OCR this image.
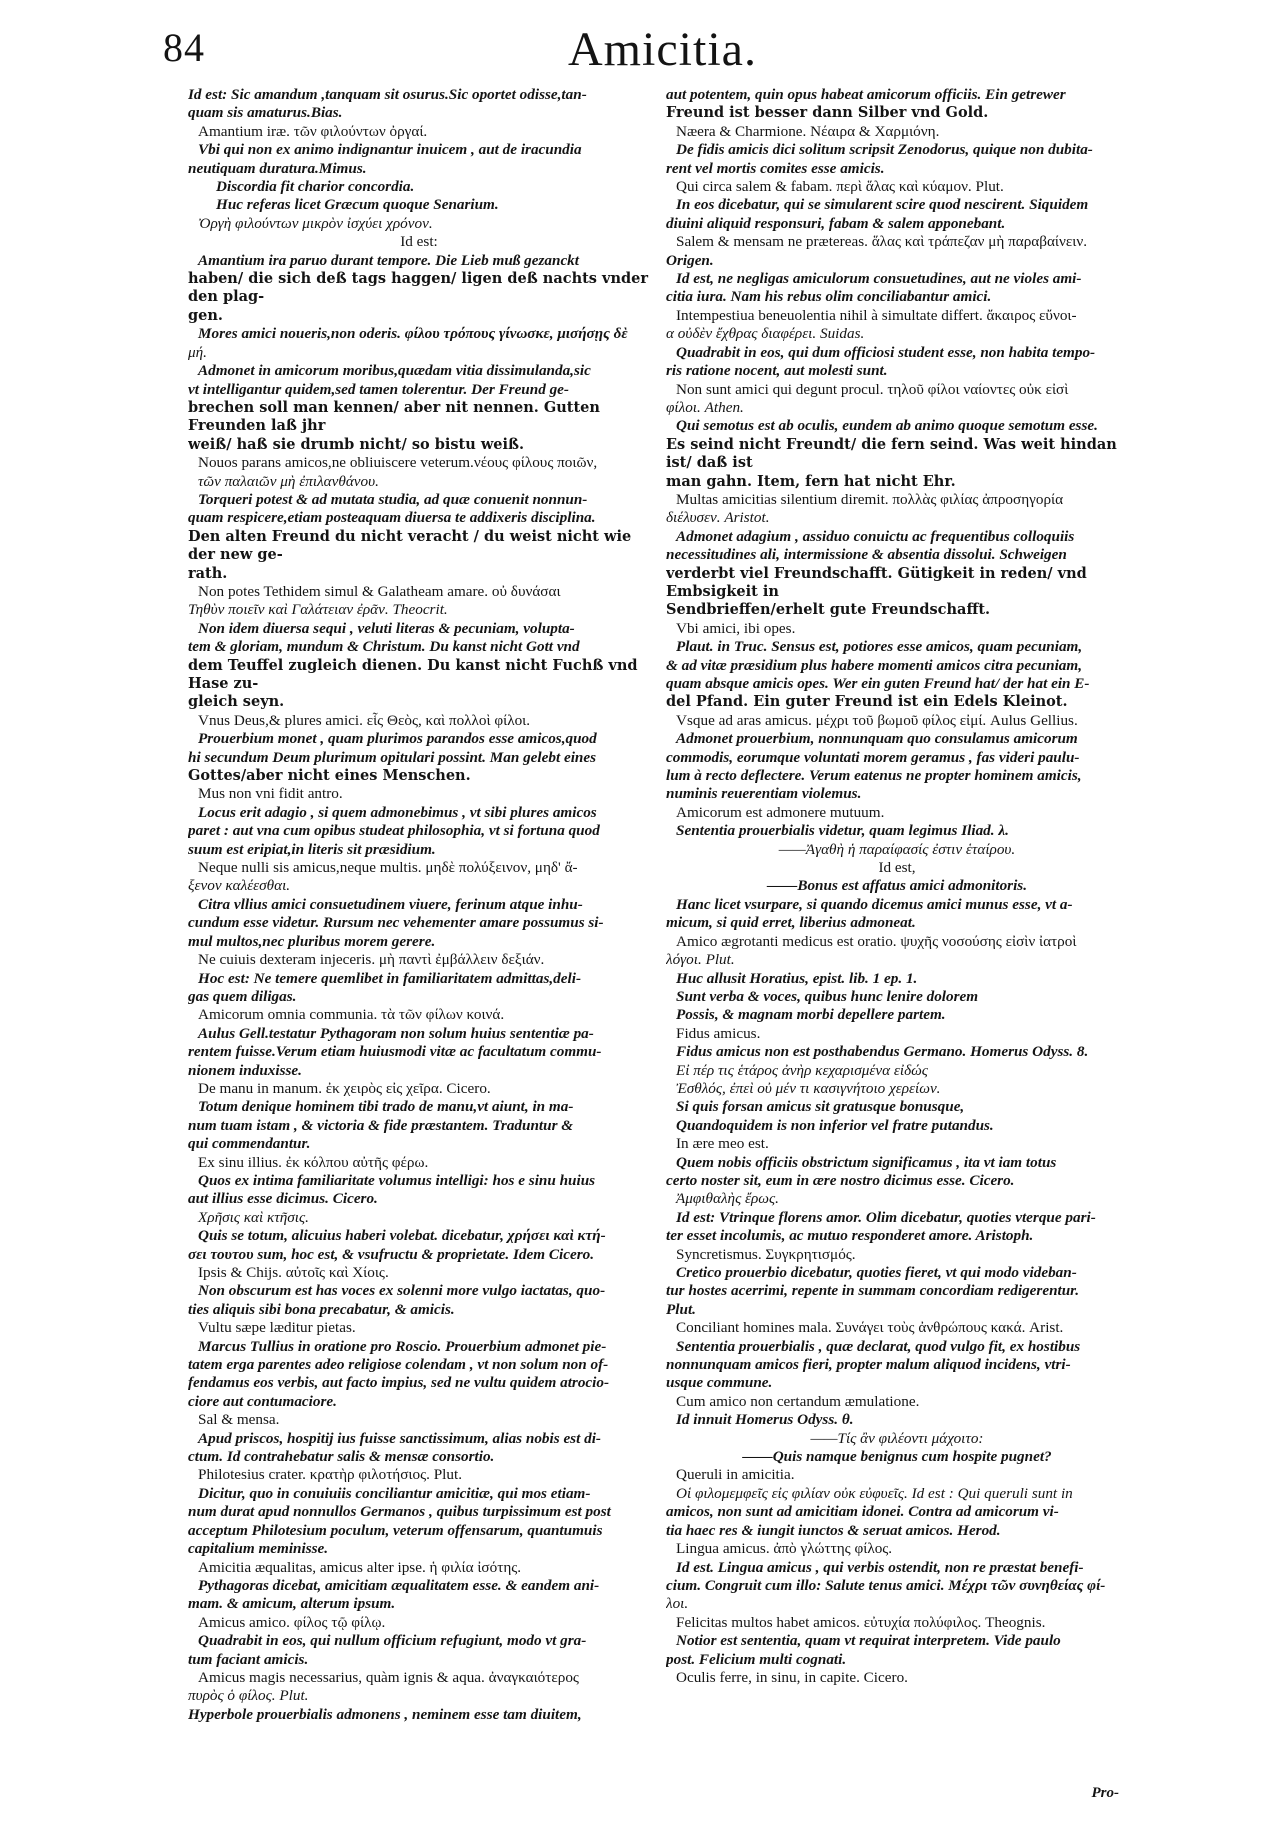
84	Amicitia.
Id est: Sic amandum ,tanquam sit osurus.Sic oportet odisse,tan-
quam sis amaturus.Bias.
Amantium iræ. τῶν φιλούντων ὀργαί.
Vbi qui non ex animo indignantur inuicem , aut de iracundia
neutiquam duratura.Mimus.
Discordia fit charior concordia.
Huc referas licet Græcum quoque Senarium.
Ὀργὴ φιλούντων μικρὸν ἰσχύει χρόνον.
Id est:
Amantium ira paruo durant tempore. Die Lieb muß gezanckt
haben/ die sich deß tags haggen/ ligen deß nachts vnder den plag-
gen.
Mores amici noueris,non oderis. φίλου τρόπους γίνωσκε, μισήσῃς δὲ
μή.
Admonet in amicorum moribus,quædam vitia dissimulanda,sic
vt intelligantur quidem,sed tamen tolerentur. Der Freund ge-
brechen soll man kennen/ aber nit nennen. Gutten Freunden laß jhr
weiß/ haß sie drumb nicht/ so bistu weiß.
Nouos parans amicos,ne obliuiscere veterum.νέους φίλους ποιῶν,
τῶν παλαιῶν μὴ ἐπιλανθάνου.
Torqueri potest & ad mutata studia, ad quæ conuenit nonnun-
quam respicere,etiam posteaquam diuersa te addixeris disciplina.
Den alten Freund du nicht veracht / du weist nicht wie der new ge-
rath.
Non potes Tethidem simul & Galatheam amare. οὐ δυνάσαι
Τηθὺν ποιεῖν καὶ Γαλάτειαν ἐρᾶν. Theocrit.
Non idem diuersa sequi , veluti literas & pecuniam, volupta-
tem & gloriam, mundum & Christum. Du kanst nicht Gott vnd
dem Teuffel zugleich dienen. Du kanst nicht Fuchß vnd Hase zu-
gleich seyn.
Vnus Deus,& plures amici. εἷς Θεὸς, καὶ πολλοὶ φίλοι.
Prouerbium monet , quam plurimos parandos esse amicos,quod
hi secundum Deum plurimum opitulari possint. Man gelebt eines
Gottes/aber nicht eines Menschen.
Mus non vni fidit antro.
Locus erit adagio , si quem admonebimus , vt sibi plures amicos
paret : aut vna cum opibus studeat philosophia, vt si fortuna quod
suum est eripiat,in literis sit præsidium.
Neque nulli sis amicus,neque multis. μηδὲ πολύξεινον, μηδ' ἄ-
ξενον καλέεσθαι.
Citra vllius amici consuetudinem viuere, ferinum atque inhu-
cundum esse videtur. Rursum nec vehementer amare possumus si-
mul multos,nec pluribus morem gerere.
Ne cuiuis dexteram injeceris. μὴ παντὶ ἐμβάλλειν δεξιάν.
Hoc est: Ne temere quemlibet in familiaritatem admittas,deli-
gas quem diligas.
Amicorum omnia communia. τὰ τῶν φίλων κοινά.
Aulus Gell.testatur Pythagoram non solum huius sententiæ pa-
rentem fuisse.Verum etiam huiusmodi vitæ ac facultatum commu-
nionem induxisse.
De manu in manum. ἐκ χειρὸς εἰς χεῖρα. Cicero.
Totum denique hominem tibi trado de manu,vt aiunt, in ma-
num tuam istam , & victoria & fide præstantem. Traduntur &
qui commendantur.
Ex sinu illius. ἐκ κόλπου αὐτῆς φέρω.
Quos ex intima familiaritate volumus intelligi: hos e sinu huius
aut illius esse dicimus. Cicero.
Χρῆσις καὶ κτῆσις.
Quis se totum, alicuius haberi volebat. dicebatur, χρήσει καὶ κτή-
σει τουτου sum, hoc est, & vsufructu & proprietate. Idem Cicero.
Ipsis & Chijs. αὐτοῖς καὶ Χίοις.
Non obscurum est has voces ex solenni more vulgo iactatas, quo-
ties aliquis sibi bona precabatur, & amicis.
Vultu sæpe læditur pietas.
Marcus Tullius in oratione pro Roscio. Prouerbium admonet pie-
tatem erga parentes adeo religiose colendam , vt non solum non of-
fendamus eos verbis, aut facto impius, sed ne vultu quidem atrocio-
ciore aut contumaciore.
Sal & mensa.
Apud priscos, hospitij ius fuisse sanctissimum, alias nobis est di-
ctum. Id contrahebatur salis & mensæ consortio.
Philotesius crater. κρατὴρ φιλοτήσιος. Plut.
Dicitur, quo in conuiuiis conciliantur amicitiæ, qui mos etiam-
num durat apud nonnullos Germanos , quibus turpissimum est post
acceptum Philotesium poculum, veterum offensarum, quantumuis
capitalium meminisse.
Amicitia æqualitas, amicus alter ipse. ἡ φιλία ἰσότης.
Pythagoras dicebat, amicitiam æqualitatem esse. & eandem ani-
mam. & amicum, alterum ipsum.
Amicus amico. φίλος τῷ φίλῳ.
Quadrabit in eos, qui nullum officium refugiunt, modo vt gra-
tum faciant amicis.
Amicus magis necessarius, quàm ignis & aqua. ἀναγκαιότερος
πυρὸς ὁ φίλος. Plut.
Hyperbole prouerbialis admonens , neminem esse tam diuitem,
aut potentem, quin opus habeat amicorum officiis. Ein getrewer
Freund ist besser dann Silber vnd Gold.
Næera & Charmione. Νέαιρα & Χαρμιόνη.
De fidis amicis dici solitum scripsit Zenodorus, quique non dubita-
rent vel mortis comites esse amicis.
Qui circa salem & fabam. περὶ ἅλας καὶ κύαμον. Plut.
In eos dicebatur, qui se simularent scire quod nescirent. Siquidem
diuini aliquid responsuri, fabam & salem apponebant.
Salem & mensam ne prætereas. ἅλας καὶ τράπεζαν μὴ παραβαίνειν.
Origen.
Id est, ne negligas amiculorum consuetudines, aut ne violes ami-
citia iura. Nam his rebus olim conciliabantur amici.
Intempestiua beneuolentia nihil à simultate differt. ἄκαιρος εὔνοι-
α οὐδὲν ἔχθρας διαφέρει. Suidas.
Quadrabit in eos, qui dum officiosi student esse, non habita tempo-
ris ratione nocent, aut molesti sunt.
Non sunt amici qui degunt procul. τηλοῦ φίλοι ναίοντες οὐκ εἰσὶ
φίλοι. Athen.
Qui semotus est ab oculis, eundem ab animo quoque semotum esse.
Es seind nicht Freundt/ die fern seind. Was weit hindan ist/ daß ist
man gahn. Item, fern hat nicht Ehr.
Multas amicitias silentium diremit. πολλὰς φιλίας ἀπροσηγορία
διέλυσεν. Aristot.
Admonet adagium , assiduo conuictu ac frequentibus colloquiis
necessitudines ali, intermissione & absentia dissolui. Schweigen
verderbt viel Freundschafft. Gütigkeit in reden/ vnd Embsigkeit in
Sendbrieffen/erhelt gute Freundschafft.
Vbi amici, ibi opes.
Plaut. in Truc. Sensus est, potiores esse amicos, quam pecuniam,
& ad vitæ præsidium plus habere momenti amicos citra pecuniam,
quam absque amicis opes. Wer ein guten Freund hat/ der hat ein E-
del Pfand. Ein guter Freund ist ein Edels Kleinot.
Vsque ad aras amicus. μέχρι τοῦ βωμοῦ φίλος εἰμί. Aulus Gellius.
Admonet prouerbium, nonnunquam quo consulamus amicorum
commodis, eorumque voluntati morem geramus , fas videri paulu-
lum à recto deflectere. Verum eatenus ne propter hominem amicis,
numinis reuerentiam violemus.
Amicorum est admonere mutuum.
Sententia prouerbialis videtur, quam legimus Iliad. λ.
——Ἀγαθὴ ἡ παραίφασίς ἐστιν ἑταίρου.
Id est,
——Bonus est affatus amici admonitoris.
Hanc licet vsurpare, si quando dicemus amici munus esse, vt a-
micum, si quid erret, liberius admoneat.
Amico ægrotanti medicus est oratio. ψυχῆς νοσούσης εἰσὶν ἰατροὶ
λόγοι. Plut.
Huc allusit Horatius, epist. lib. 1 ep. 1.
Sunt verba & voces, quibus hunc lenire dolorem
Possis, & magnam morbi depellere partem.
Fidus amicus.
Fidus amicus non est posthabendus Germano. Homerus Odyss. 8.
Εἰ πέρ τις ἑτάρος ἀνὴρ κεχαρισμένα εἰδώς
Ἐσθλός, ἐπεὶ οὐ μέν τι κασιγνήτοιο χερείων.
Si quis forsan amicus sit gratusque bonusque,
Quandoquidem is non inferior vel fratre putandus.
In ære meo est.
Quem nobis officiis obstrictum significamus , ita vt iam totus
certo noster sit, eum in ære nostro dicimus esse. Cicero.
Ἀμφιθαλὴς ἔρως.
Id est: Vtrinque florens amor. Olim dicebatur, quoties vterque pari-
ter esset incolumis, ac mutuo responderet amore. Aristoph.
Syncretismus. Συγκρητισμός.
Cretico prouerbio dicebatur, quoties fieret, vt qui modo videban-
tur hostes acerrimi, repente in summam concordiam redigerentur.
Plut.
Conciliant homines mala. Συνάγει τοὺς ἀνθρώπους κακά. Arist.
Sententia prouerbialis , quæ declarat, quod vulgo fit, ex hostibus
nonnunquam amicos fieri, propter malum aliquod incidens, vtri-
usque commune.
Cum amico non certandum æmulatione.
Id innuit Homerus Odyss. θ.
——Τίς ἂν φιλέοντι μάχοιτο:
——Quis namque benignus cum hospite pugnet?
Queruli in amicitia.
Οἱ φιλομεμφεῖς εἰς φιλίαν οὐκ εὐφυεῖς. Id est : Qui queruli sunt in
amicos, non sunt ad amicitiam idonei. Contra ad amicorum vi-
tia haec res & iungit iunctos & seruat amicos. Herod.
Lingua amicus. ἀπὸ γλώττης φίλος.
Id est. Lingua amicus , qui verbis ostendit, non re præstat benefi-
cium. Congruit cum illo: Salute tenus amici. Μέχρι τῶν συνηθείας φί-
λοι.
Felicitas multos habet amicos. εὐτυχία πολύφιλος. Theognis.
Notior est sententia, quam vt requirat interpretem. Vide paulo
post. Felicium multi cognati.
Oculis ferre, in sinu, in capite. Cicero.
Pro-
